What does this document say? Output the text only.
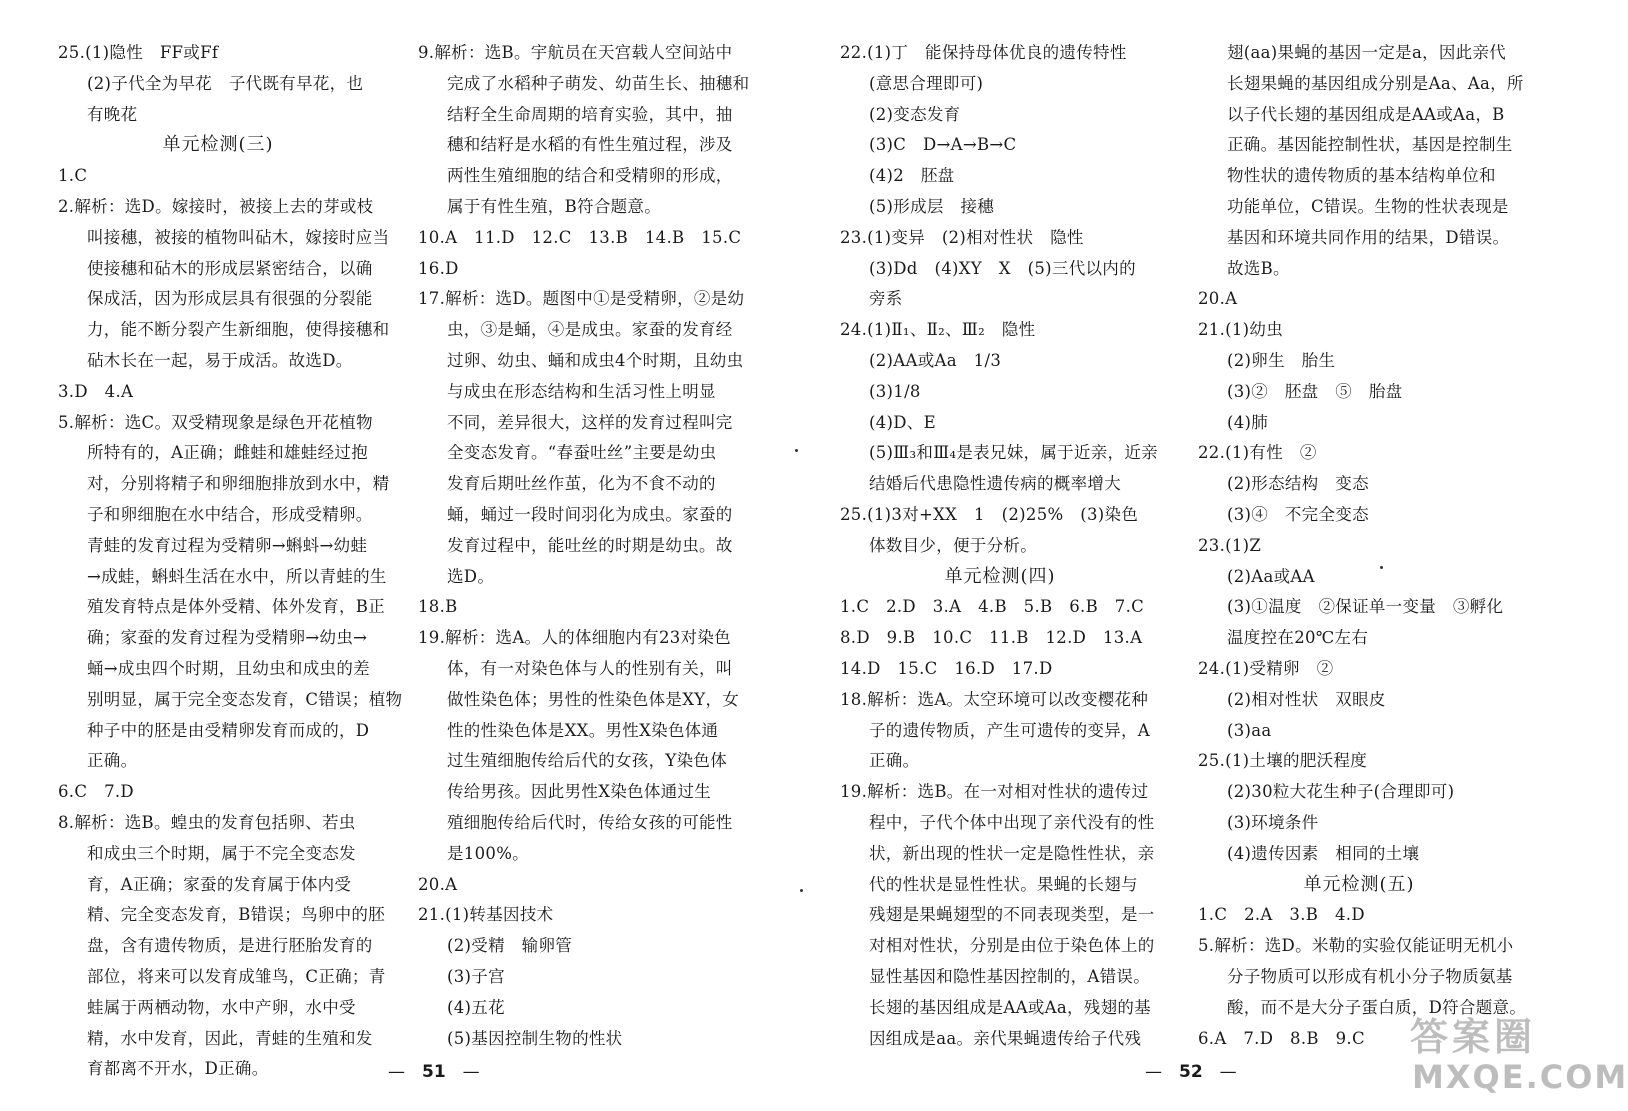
25.(1)隐性　FF或Ff
(2)子代全为早花　子代既有早花，也
有晚花
单元检测(三)
1.C
2.解析：选D。嫁接时，被接上去的芽或枝
叫接穗，被接的植物叫砧木，嫁接时应当
使接穗和砧木的形成层紧密结合，以确
保成活，因为形成层具有很强的分裂能
力，能不断分裂产生新细胞，使得接穗和
砧木长在一起，易于成活。故选D。
3.D　4.A
5.解析：选C。双受精现象是绿色开花植物
所特有的，A正确；雌蛙和雄蛙经过抱
对，分别将精子和卵细胞排放到水中，精
子和卵细胞在水中结合，形成受精卵。
青蛙的发育过程为受精卵→蝌蚪→幼蛙
→成蛙，蝌蚪生活在水中，所以青蛙的生
殖发育特点是体外受精、体外发育，B正
确；家蚕的发育过程为受精卵→幼虫→
蛹→成虫四个时期，且幼虫和成虫的差
别明显，属于完全变态发育，C错误；植物
种子中的胚是由受精卵发育而成的，D
正确。
6.C　7.D
8.解析：选B。蝗虫的发育包括卵、若虫
和成虫三个时期，属于不完全变态发
育，A正确；家蚕的发育属于体内受
精、完全变态发育，B错误；鸟卵中的胚
盘，含有遗传物质，是进行胚胎发育的
部位，将来可以发育成雏鸟，C正确；青
蛙属于两栖动物，水中产卵，水中受
精，水中发育，因此，青蛙的生殖和发
育都离不开水，D正确。
9.解析：选B。宇航员在天宫载人空间站中
完成了水稻种子萌发、幼苗生长、抽穗和
结籽全生命周期的培育实验，其中，抽
穗和结籽是水稻的有性生殖过程，涉及
两性生殖细胞的结合和受精卵的形成，
属于有性生殖，B符合题意。
10.A　11.D　12.C　13.B　14.B　15.C
16.D
17.解析：选D。题图中①是受精卵，②是幼
虫，③是蛹，④是成虫。家蚕的发育经
过卵、幼虫、蛹和成虫4个时期，且幼虫
与成虫在形态结构和生活习性上明显
不同，差异很大，这样的发育过程叫完
全变态发育。“春蚕吐丝”主要是幼虫
发育后期吐丝作茧，化为不食不动的
蛹，蛹过一段时间羽化为成虫。家蚕的
发育过程中，能吐丝的时期是幼虫。故
选D。
18.B
19.解析：选A。人的体细胞内有23对染色
体，有一对染色体与人的性别有关，叫
做性染色体；男性的性染色体是XY，女
性的性染色体是XX。男性X染色体通
过生殖细胞传给后代的女孩，Y染色体
传给男孩。因此男性X染色体通过生
殖细胞传给后代时，传给女孩的可能性
是100%。
20.A
21.(1)转基因技术
(2)受精　输卵管
(3)子宫
(4)五花
(5)基因控制生物的性状
—　51　—
22.(1)丁　能保持母体优良的遗传特性
(意思合理即可)
(2)变态发育
(3)C　D→A→B→C
(4)2　胚盘
(5)形成层　接穗
23.(1)变异　(2)相对性状　隐性
(3)Dd　(4)XY　X　(5)三代以内的
旁系
24.(1)Ⅱ₁、Ⅱ₂、Ⅲ₂　隐性
(2)AA或Aa　1/3
(3)1/8
(4)D、E
(5)Ⅲ₃和Ⅲ₄是表兄妹，属于近亲，近亲
结婚后代患隐性遗传病的概率增大
25.(1)3对+XX　1　(2)25%　(3)染色
体数目少，便于分析。
单元检测(四)
1.C　2.D　3.A　4.B　5.B　6.B　7.C
8.D　9.B　10.C　11.B　12.D　13.A
14.D　15.C　16.D　17.D
18.解析：选A。太空环境可以改变樱花种
子的遗传物质，产生可遗传的变异，A
正确。
19.解析：选B。在一对相对性状的遗传过
程中，子代个体中出现了亲代没有的性
状，新出现的性状一定是隐性性状，亲
代的性状是显性性状。果蝇的长翅与
残翅是果蝇翅型的不同表现类型，是一
对相对性状，分别是由位于染色体上的
显性基因和隐性基因控制的，A错误。
长翅的基因组成是AA或Aa，残翅的基
因组成是aa。亲代果蝇遗传给子代残
翅(aa)果蝇的基因一定是a，因此亲代
长翅果蝇的基因组成分别是Aa、Aa，所
以子代长翅的基因组成是AA或Aa，B
正确。基因能控制性状，基因是控制生
物性状的遗传物质的基本结构单位和
功能单位，C错误。生物的性状表现是
基因和环境共同作用的结果，D错误。
故选B。
20.A
21.(1)幼虫
(2)卵生　胎生
(3)②　胚盘　⑤　胎盘
(4)肺
22.(1)有性　②
(2)形态结构　变态
(3)④　不完全变态
23.(1)Z
(2)Aa或AA
(3)①温度　②保证单一变量　③孵化
温度控在20℃左右
24.(1)受精卵　②
(2)相对性状　双眼皮
(3)aa
25.(1)土壤的肥沃程度
(2)30粒大花生种子(合理即可)
(3)环境条件
(4)遗传因素　相同的土壤
单元检测(五)
1.C　2.A　3.B　4.D
5.解析：选D。米勒的实验仅能证明无机小
分子物质可以形成有机小分子物质氨基
酸，而不是大分子蛋白质，D符合题意。
6.A　7.D　8.B　9.C
—　52　—
答案圈
MXQE.COM
